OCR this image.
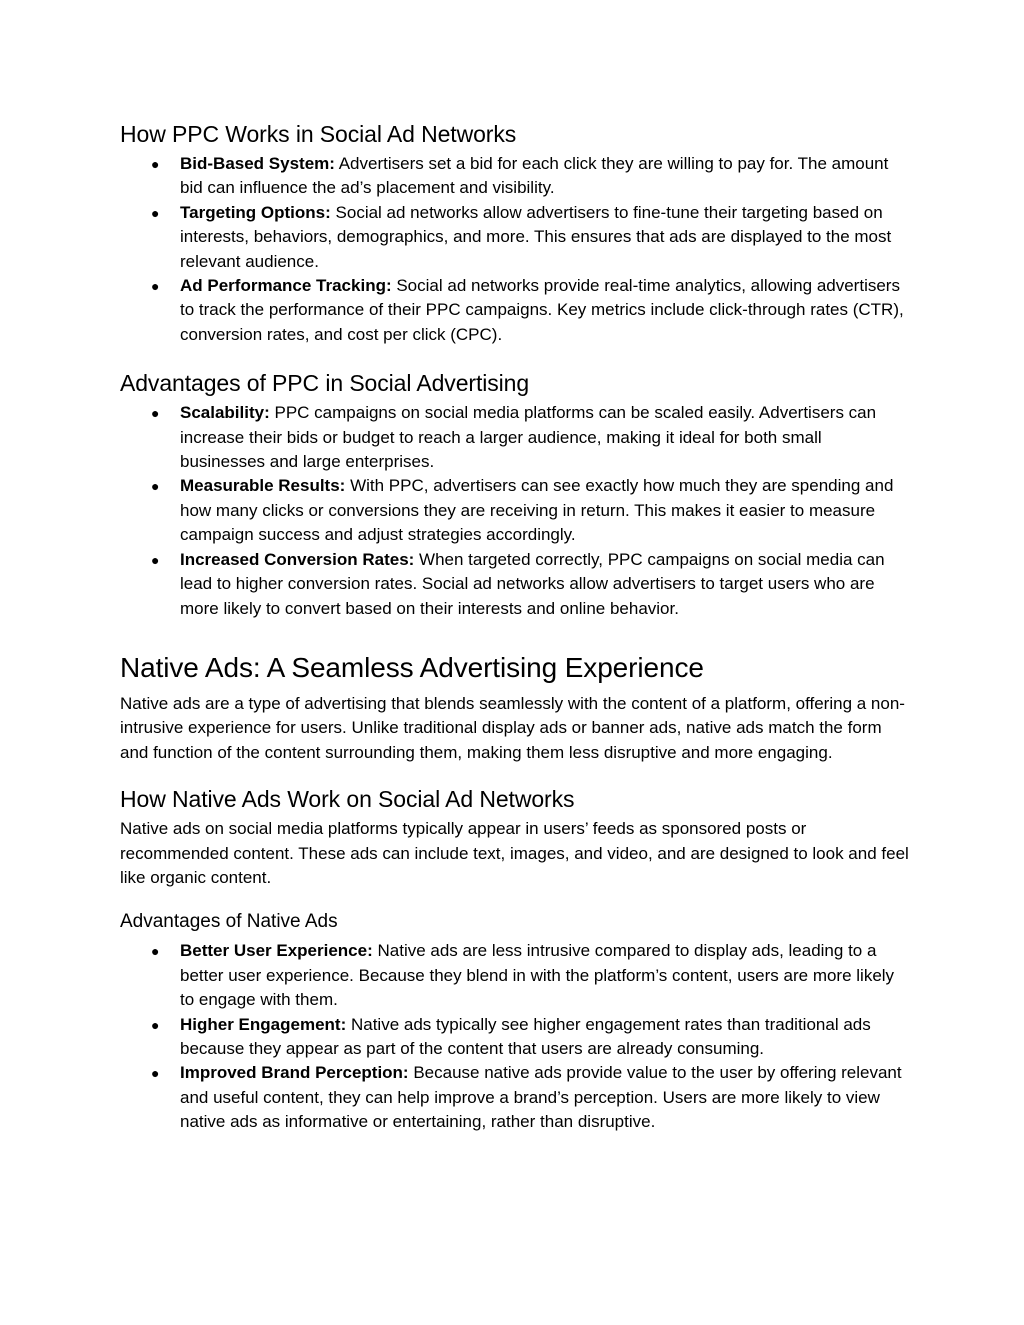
How PPC Works in Social Ad Networks
● Bid-Based System: Advertisers set a bid for each click they are willing to pay for. The amount bid can influence the ad’s placement and visibility.
● Targeting Options: Social ad networks allow advertisers to fine-tune their targeting based on interests, behaviors, demographics, and more. This ensures that ads are displayed to the most relevant audience.
● Ad Performance Tracking: Social ad networks provide real-time analytics, allowing advertisers to track the performance of their PPC campaigns. Key metrics include click-through rates (CTR), conversion rates, and cost per click (CPC).
Advantages of PPC in Social Advertising
● Scalability: PPC campaigns on social media platforms can be scaled easily. Advertisers can increase their bids or budget to reach a larger audience, making it ideal for both small businesses and large enterprises.
● Measurable Results: With PPC, advertisers can see exactly how much they are spending and how many clicks or conversions they are receiving in return. This makes it easier to measure campaign success and adjust strategies accordingly.
● Increased Conversion Rates: When targeted correctly, PPC campaigns on social media can lead to higher conversion rates. Social ad networks allow advertisers to target users who are more likely to convert based on their interests and online behavior.
Native Ads: A Seamless Advertising Experience

Native ads are a type of advertising that blends seamlessly with the content of a platform, offering a non-intrusive experience for users. Unlike traditional display ads or banner ads, native ads match the form and function of the content surrounding them, making them less disruptive and more engaging.

How Native Ads Work on Social Ad Networks

Native ads on social media platforms typically appear in users’ feeds as sponsored posts or recommended content. These ads can include text, images, and video, and are designed to look and feel like organic content.

Advantages of Native Ads
● Better User Experience: Native ads are less intrusive compared to display ads, leading to a better user experience. Because they blend in with the platform’s content, users are more likely to engage with them.
● Higher Engagement: Native ads typically see higher engagement rates than traditional ads because they appear as part of the content that users are already consuming.
● Improved Brand Perception: Because native ads provide value to the user by offering relevant and useful content, they can help improve a brand’s perception. Users are more likely to view native ads as informative or entertaining, rather than disruptive.
